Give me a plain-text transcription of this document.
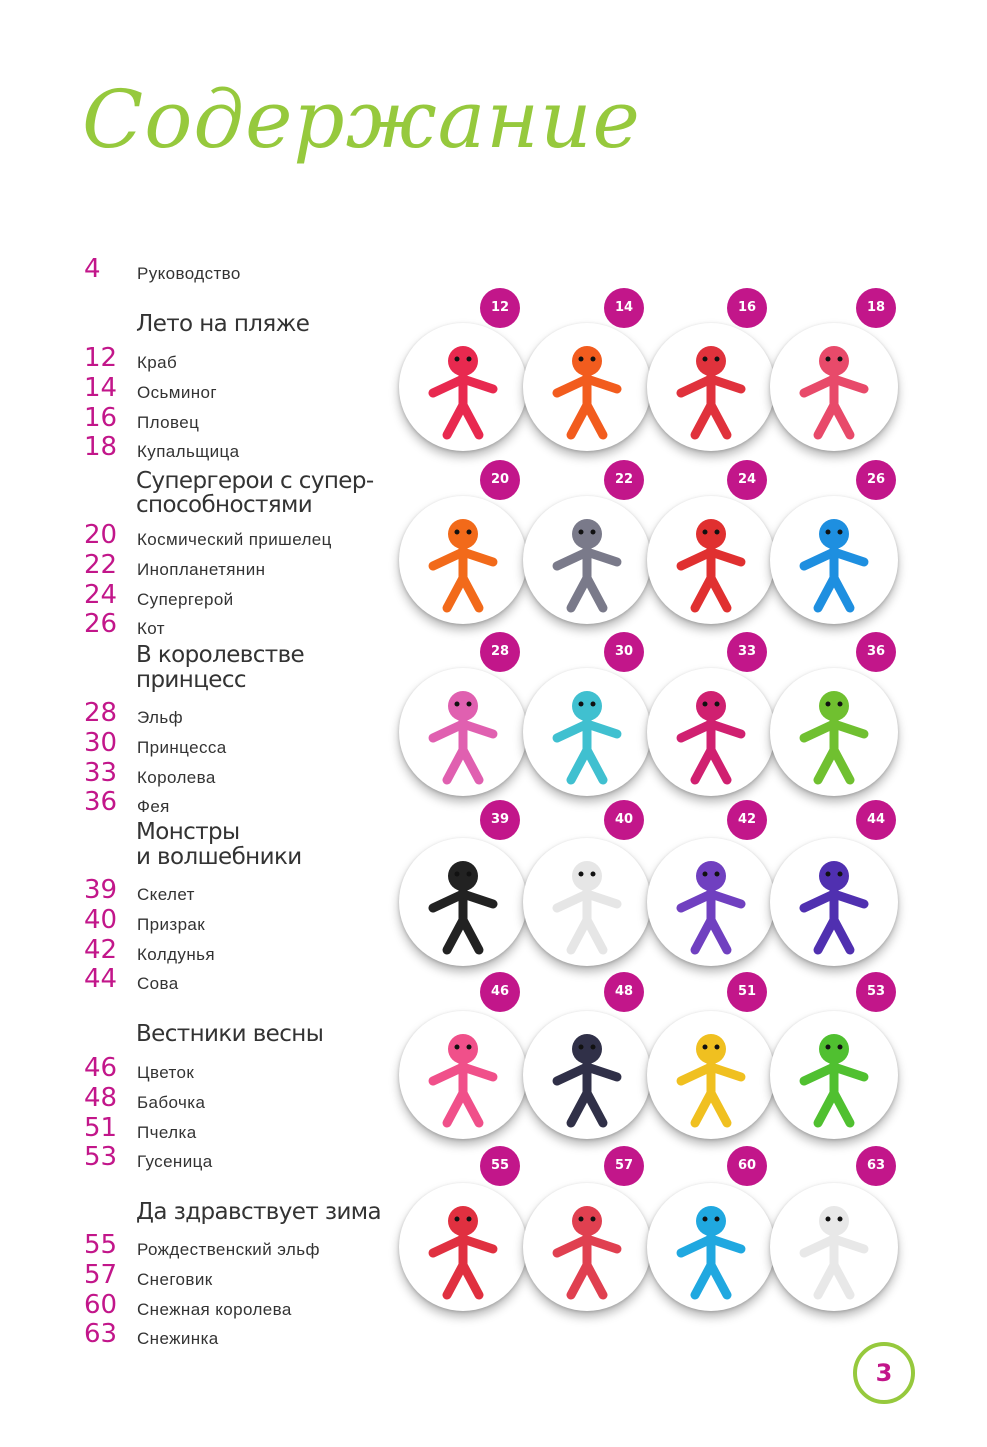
Содержание
4	Руководство
Лето на пляже
12	Краб
14	Осьминог
16	Пловец
18	Купальщица
Супергерои с супер-
способностями
20	Космический пришелец
22	Инопланетянин
24	Супергерой
26	Кот
В королевстве
принцесс
28	Эльф
30	Принцесса
33	Королева
36	Фея
Монстры
и волшебники
39	Скелет
40	Призрак
42	Колдунья
44	Сова
Вестники весны
46	Цветок
48	Бабочка
51	Пчелка
53	Гусеница
Да здравствует зима
55	Рождественский эльф
57	Снеговик
60	Снежная королева
63	Снежинка
12	14	16	18
20	22	24	26
28	30	33	36
39	40	42	44
46	48	51	53
55	57	60	63
3
